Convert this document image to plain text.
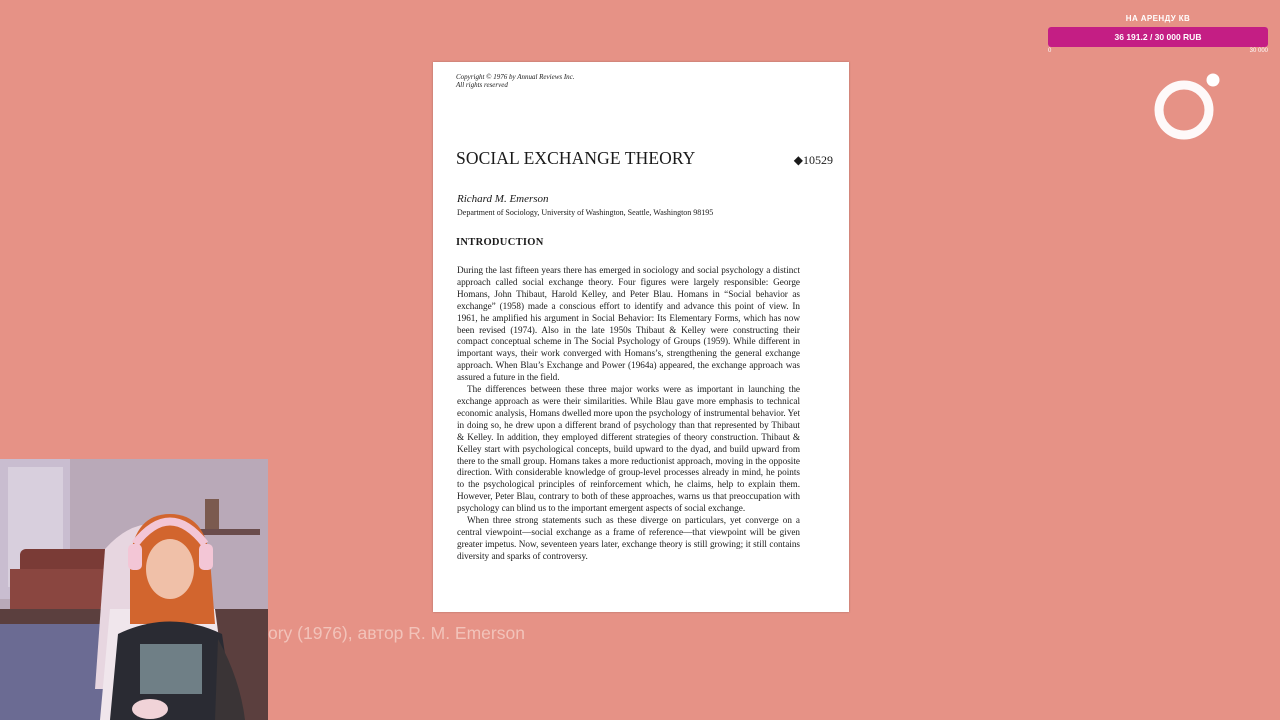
Copyright © 1976 by Annual Reviews Inc.
All rights reserved
SOCIAL EXCHANGE THEORY	◆10529
Richard M. Emerson
Department of Sociology, University of Washington, Seattle, Washington 98195
INTRODUCTION

During the last fifteen years there has emerged in sociology and social psychology a distinct approach called social exchange theory. Four figures were largely responsible: George Homans, John Thibaut, Harold Kelley, and Peter Blau. Homans in “Social behavior as exchange” (1958) made a conscious effort to identify and advance this point of view. In 1961, he amplified his argument in Social Behavior: Its Elementary Forms, which has now been revised (1974). Also in the late 1950s Thibaut & Kelley were constructing their compact conceptual scheme in The Social Psychology of Groups (1959). While different in important ways, their work converged with Homans’s, strengthening the general exchange approach. When Blau’s Exchange and Power (1964a) appeared, the exchange approach was assured a future in the field.

The differences between these three major works were as important in launching the exchange approach as were their similarities. While Blau gave more emphasis to technical economic analysis, Homans dwelled more upon the psychology of instrumental behavior. Yet in doing so, he drew upon a different brand of psychology than that represented by Thibaut & Kelley. In addition, they employed different strategies of theory construction. Thibaut & Kelley start with psychological concepts, build upward to the dyad, and build upward from there to the small group. Homans takes a more reductionist approach, moving in the opposite direction. With considerable knowledge of group-level processes already in mind, he points to the psychological principles of reinforcement which, he claims, help to explain them. However, Peter Blau, contrary to both of these approaches, warns us that preoccupation with psychology can blind us to the important emergent aspects of social exchange.

When three strong statements such as these diverge on particulars, yet converge on a central viewpoint—social exchange as a frame of reference—that viewpoint will be given greater impetus. Now, seventeen years later, exchange theory is still growing; it still contains diversity and sparks of controversy.

НА АРЕНДУ КВ
36 191.2 / 30 000 RUB
0	30 000
ory (1976), автор R. M. Emerson
